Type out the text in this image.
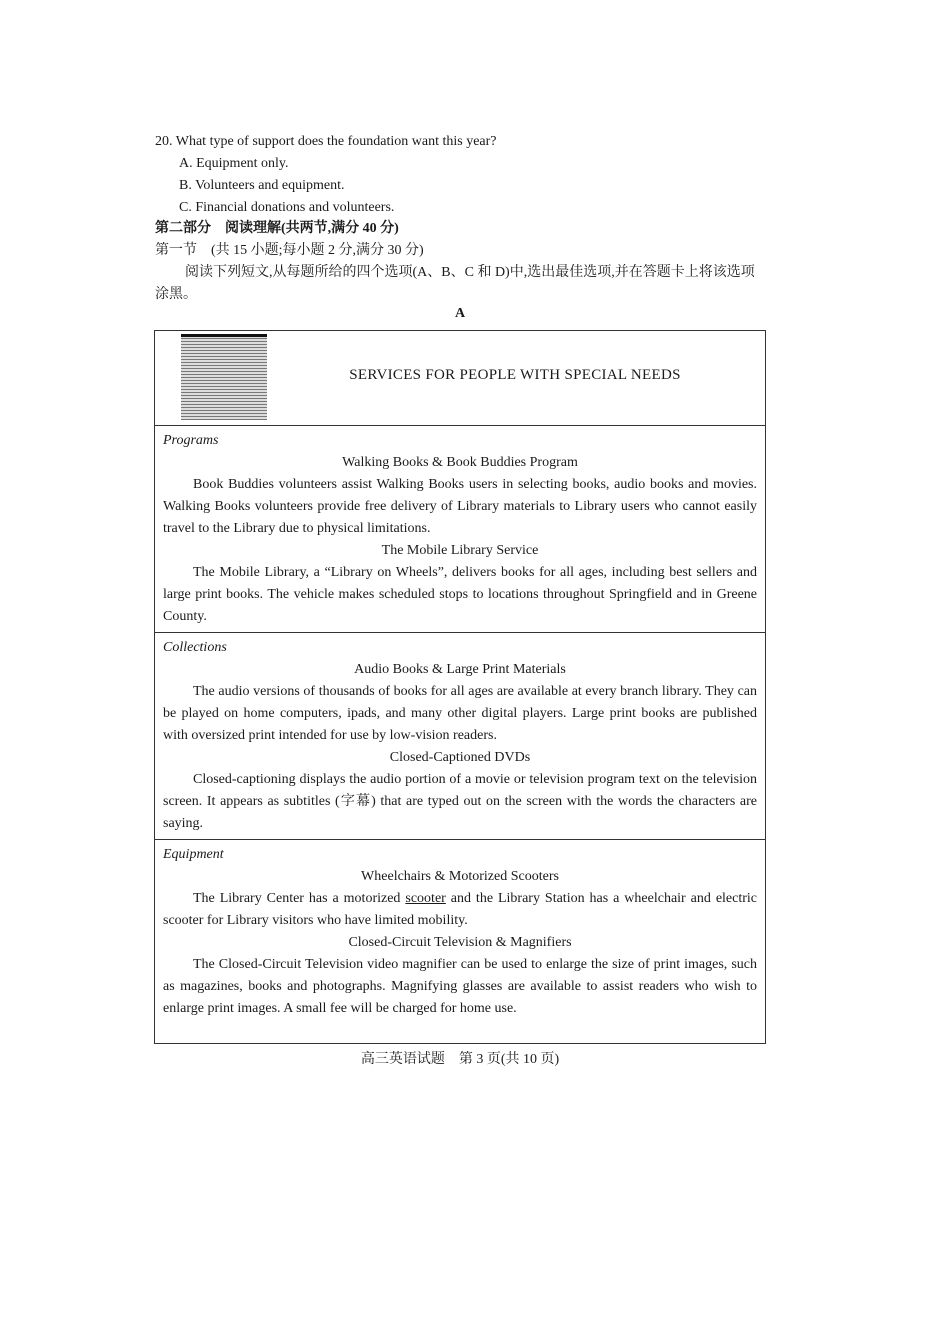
20. What type of support does the foundation want this year?
A. Equipment only.
B. Volunteers and equipment.
C. Financial donations and volunteers.
第二部分　阅读理解(共两节,满分 40 分)
第一节　(共 15 小题;每小题 2 分,满分 30 分)
阅读下列短文,从每题所给的四个选项(A、B、C 和 D)中,选出最佳选项,并在答题卡上将该选项涂黑。
A
SERVICES FOR PEOPLE WITH SPECIAL NEEDS
Programs
Walking Books & Book Buddies Program
Book Buddies volunteers assist Walking Books users in selecting books, audio books and movies. Walking Books volunteers provide free delivery of Library materials to Library users who cannot easily travel to the Library due to physical limitations.
The Mobile Library Service
The Mobile Library, a “Library on Wheels”, delivers books for all ages, including best sellers and large print books. The vehicle makes scheduled stops to locations throughout Springfield and in Greene County.
Collections
Audio Books & Large Print Materials
The audio versions of thousands of books for all ages are available at every branch library. They can be played on home computers, ipads, and many other digital players. Large print books are published with oversized print intended for use by low-vision readers.
Closed-Captioned DVDs
Closed-captioning displays the audio portion of a movie or television program text on the television screen. It appears as subtitles (字幕) that are typed out on the screen with the words the characters are saying.
Equipment
Wheelchairs & Motorized Scooters
The Library Center has a motorized scooter and the Library Station has a wheelchair and electric scooter for Library visitors who have limited mobility.
Closed-Circuit Television & Magnifiers
The Closed-Circuit Television video magnifier can be used to enlarge the size of print images, such as magazines, books and photographs. Magnifying glasses are available to assist readers who wish to enlarge print images. A small fee will be charged for home use.
高三英语试题　第 3 页(共 10 页)
